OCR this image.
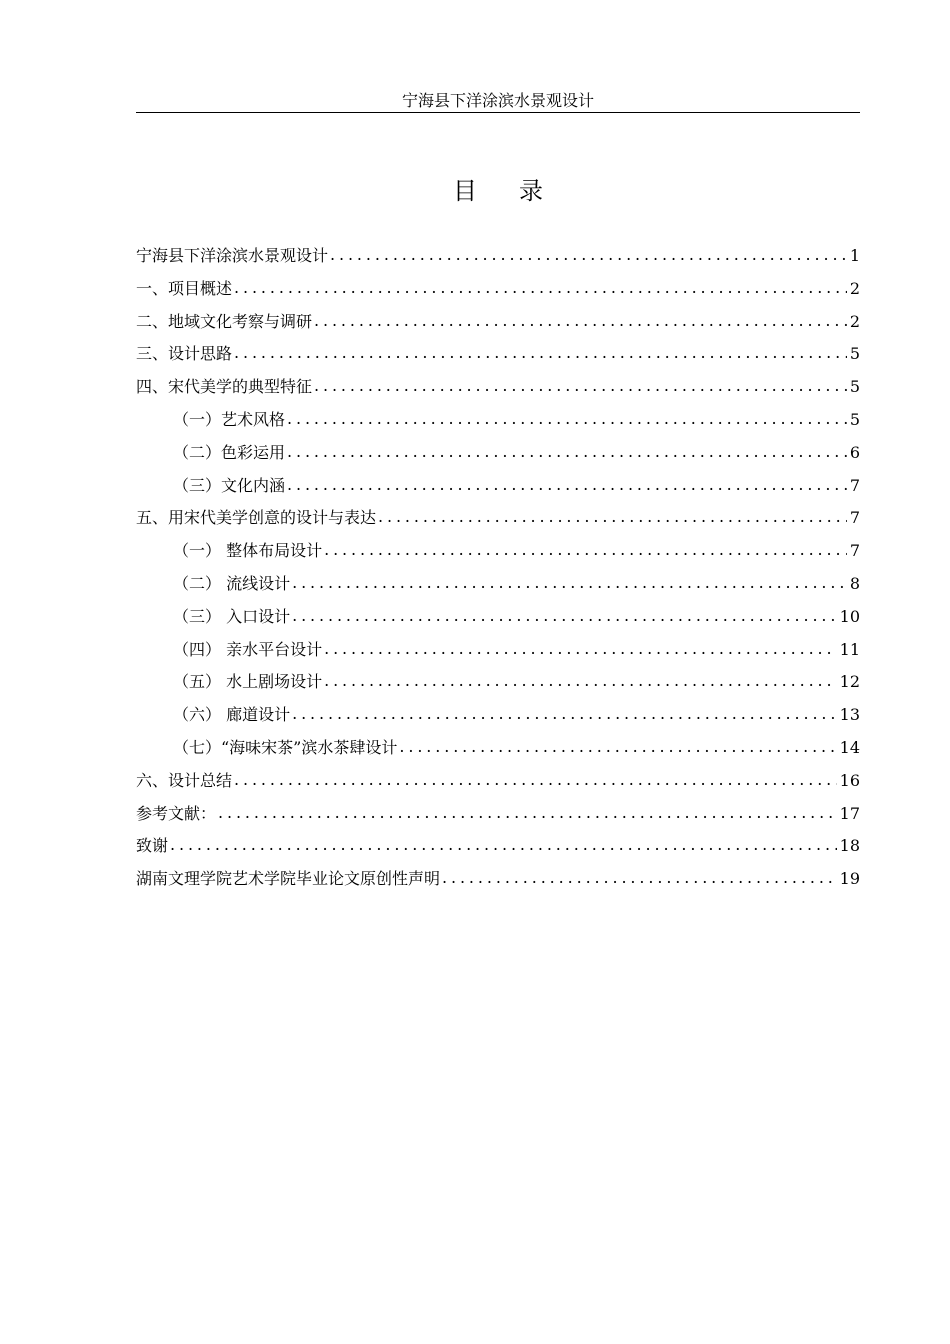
宁海县下洋涂滨水景观设计
目录
宁海县下洋涂滨水景观设计 . . .	1
一、项目概述 . . .	2
二、地域文化考察与调研 . . .	2
三、设计思路 . . .	5
四、宋代美学的典型特征 . . .	5
（一）艺术风格 . . .	5
（二）色彩运用 . . .	6
（三）文化内涵 . . .	7
五、用宋代美学创意的设计与表达 . . .	7
（一） 整体布局设计 . . .	7
（二） 流线设计 . . .	8
（三） 入口设计 . . .	10
（四） 亲水平台设计 . . .	11
（五） 水上剧场设计 . . .	12
（六） 廊道设计 . . .	13
（七）“海味宋茶”滨水茶肆设计 . . .	14
六、设计总结 . . .	16
参考文献： . . .	17
致谢 . . .	18
湖南文理学院艺术学院毕业论文原创性声明 . . .	19
